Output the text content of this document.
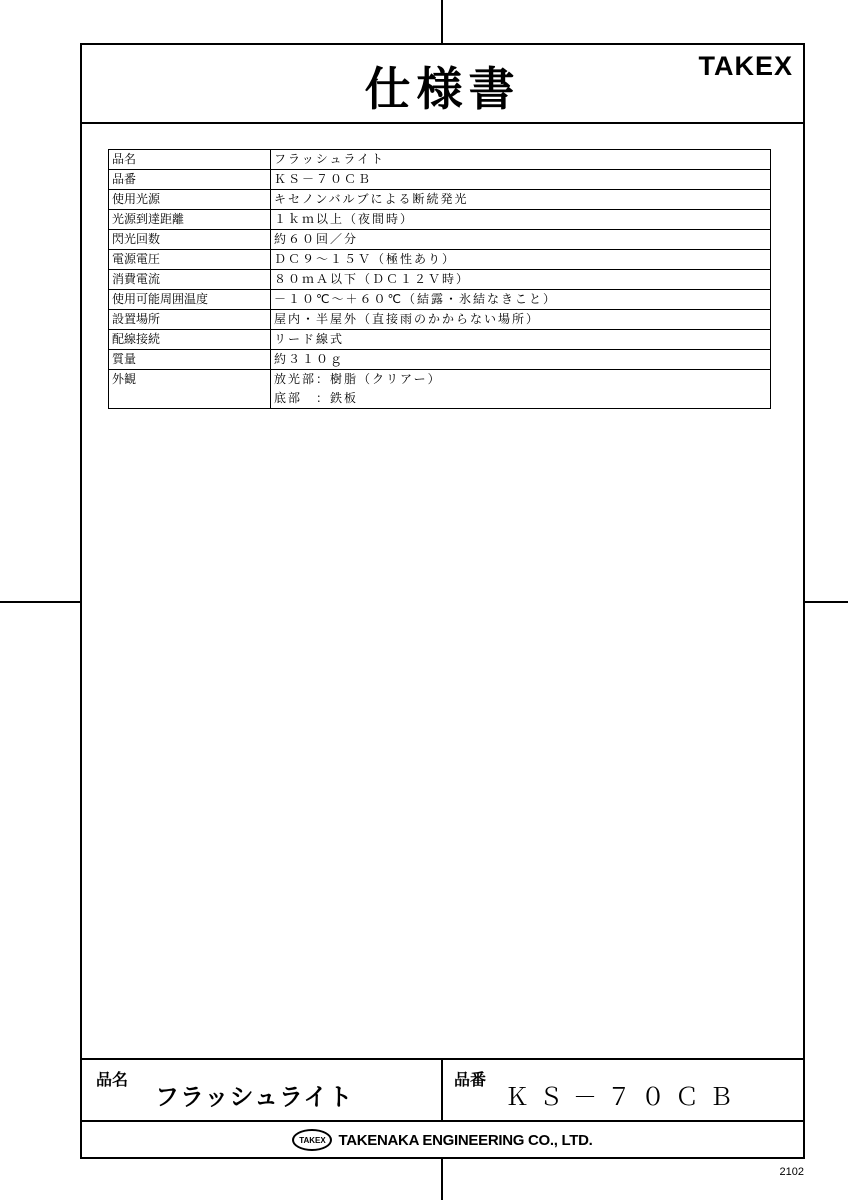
仕様書	TAKEX
品名	フラッシュライト
品番	ＫＳ－７０ＣＢ
使用光源	キセノンバルブによる断続発光
光源到達距離	１ｋｍ以上（夜間時）
閃光回数	約６０回／分
電源電圧	ＤＣ９～１５Ｖ（極性あり）
消費電流	８０ｍＡ以下（ＤＣ１２Ｖ時）
使用可能周囲温度	－１０℃～＋６０℃（結露・氷結なきこと）
設置場所	屋内・半屋外（直接雨のかからない場所）
配線接続	リード線式
質量	約３１０ｇ
外観	放光部：樹脂（クリアー）
底部　：鉄板
品名
フラッシュライト
品番
ＫＳ－７０ＣＢ
TAKEX TAKENAKA ENGINEERING CO., LTD.
2102
